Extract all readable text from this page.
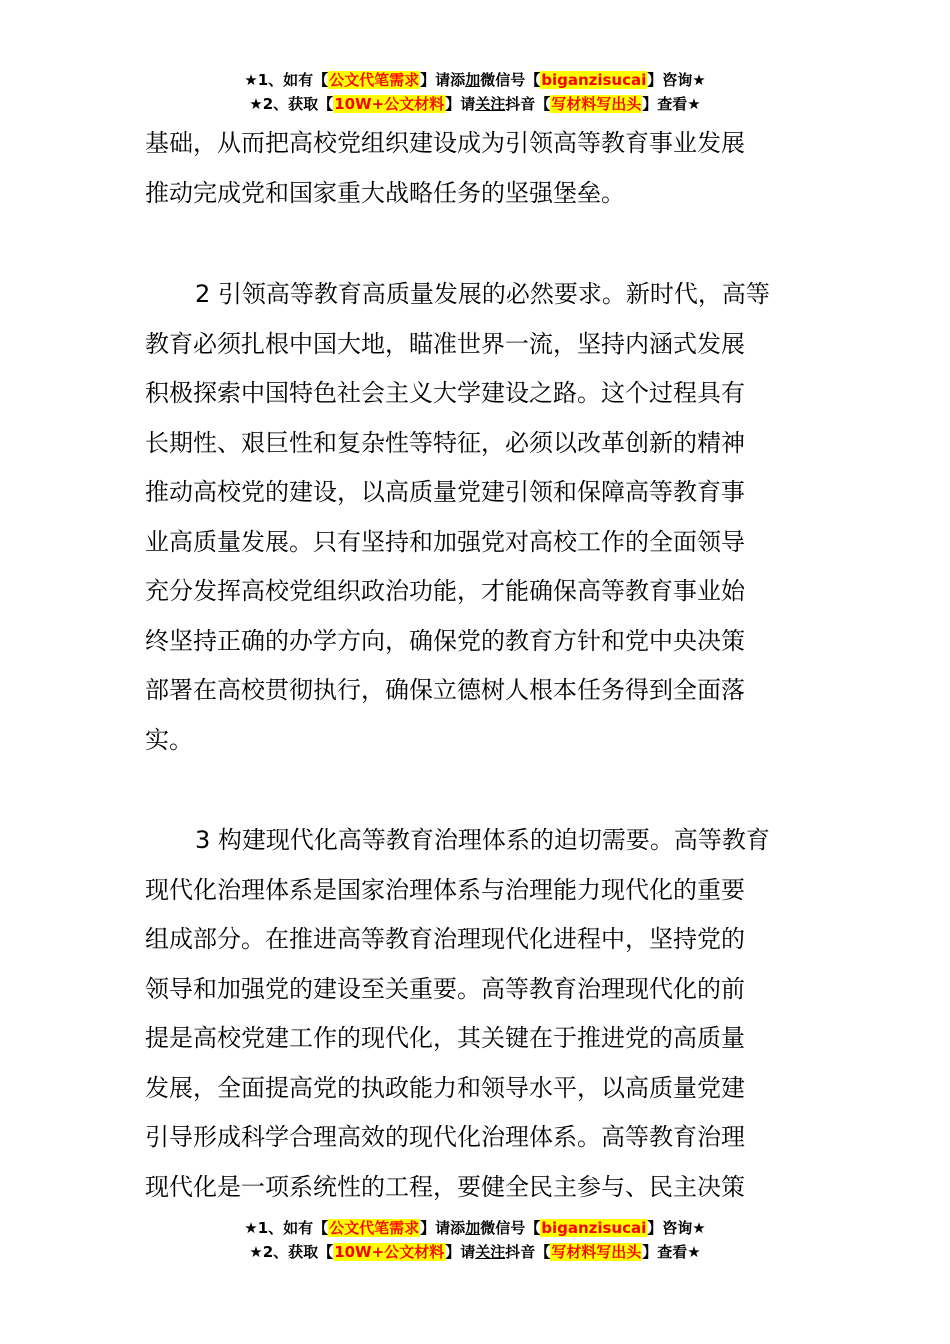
★1、如有【公文代笔需求】请添加微信号【biganzisucai】咨询★
★2、获取【10W+公文材料】请关注抖音【写材料写出头】查看★
基础，从而把高校党组织建设成为引领高等教育事业发展
推动完成党和国家重大战略任务的坚强堡垒。
2 引领高等教育高质量发展的必然要求。新时代，高等
教育必须扎根中国大地，瞄准世界一流，坚持内涵式发展
积极探索中国特色社会主义大学建设之路。这个过程具有
长期性、艰巨性和复杂性等特征，必须以改革创新的精神
推动高校党的建设，以高质量党建引领和保障高等教育事
业高质量发展。只有坚持和加强党对高校工作的全面领导
充分发挥高校党组织政治功能，才能确保高等教育事业始
终坚持正确的办学方向，确保党的教育方针和党中央决策
部署在高校贯彻执行，确保立德树人根本任务得到全面落
实。
3 构建现代化高等教育治理体系的迫切需要。高等教育
现代化治理体系是国家治理体系与治理能力现代化的重要
组成部分。在推进高等教育治理现代化进程中，坚持党的
领导和加强党的建设至关重要。高等教育治理现代化的前
提是高校党建工作的现代化，其关键在于推进党的高质量
发展，全面提高党的执政能力和领导水平，以高质量党建
引导形成科学合理高效的现代化治理体系。高等教育治理
现代化是一项系统性的工程，要健全民主参与、民主决策
★1、如有【公文代笔需求】请添加微信号【biganzisucai】咨询★
★2、获取【10W+公文材料】请关注抖音【写材料写出头】查看★
